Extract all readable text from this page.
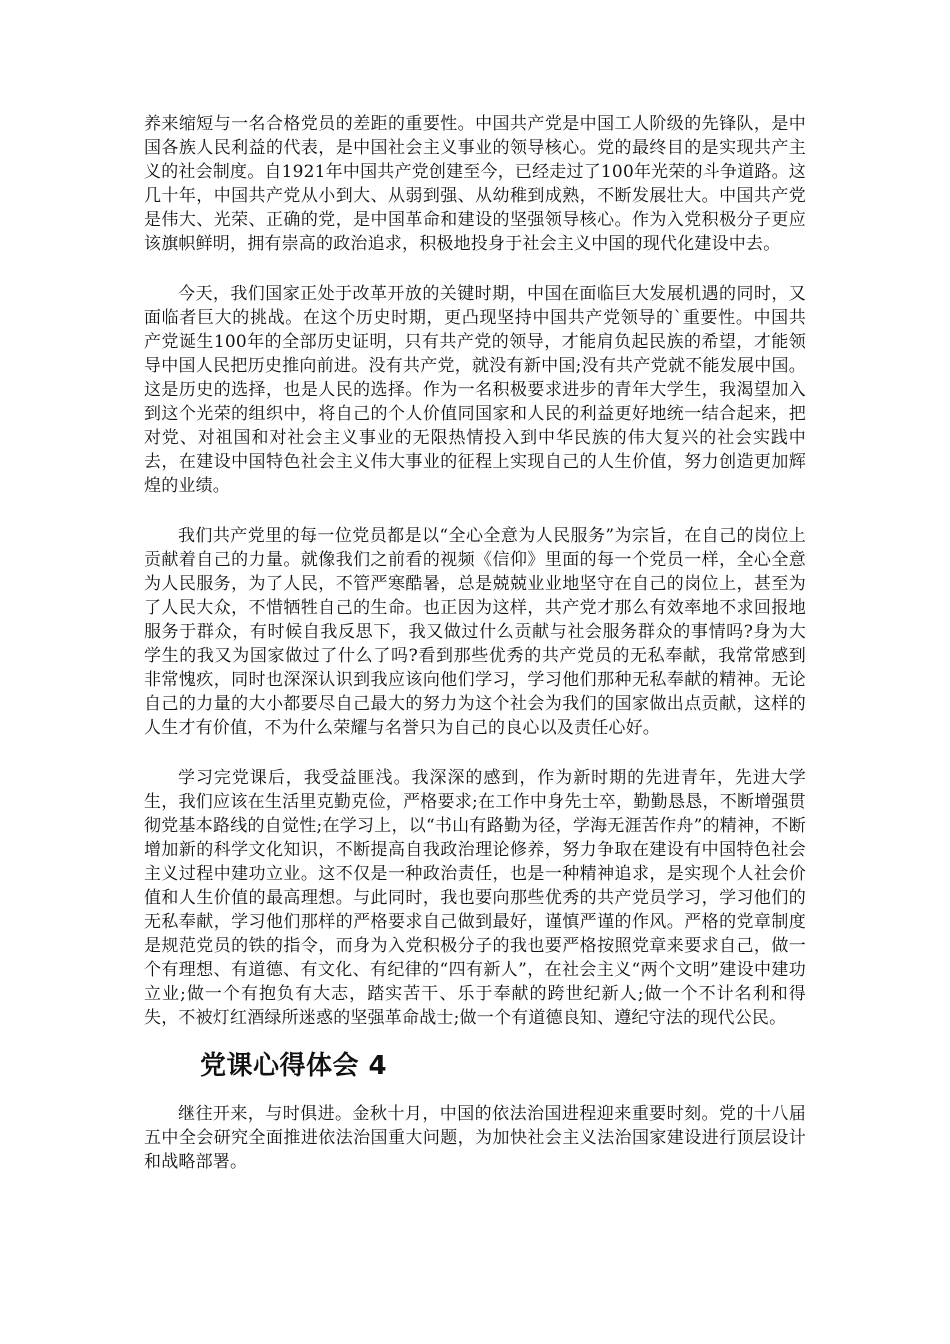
养来缩短与一名合格党员的差距的重要性。中国共产党是中国工人阶级的先锋队，是中国各族人民利益的代表，是中国社会主义事业的领导核心。党的最终目的是实现共产主义的社会制度。自1921年中国共产党创建至今，已经走过了100年光荣的斗争道路。这几十年，中国共产党从小到大、从弱到强、从幼稚到成熟，不断发展壮大。中国共产党是伟大、光荣、正确的党，是中国革命和建设的坚强领导核心。作为入党积极分子更应该旗帜鲜明，拥有崇高的政治追求，积极地投身于社会主义中国的现代化建设中去。

今天，我们国家正处于改革开放的关键时期，中国在面临巨大发展机遇的同时，又面临者巨大的挑战。在这个历史时期，更凸现坚持中国共产党领导的`重要性。中国共产党诞生100年的全部历史证明，只有共产党的领导，才能肩负起民族的希望，才能领导中国人民把历史推向前进。没有共产党，就没有新中国;没有共产党就不能发展中国。这是历史的选择，也是人民的选择。作为一名积极要求进步的青年大学生，我渴望加入到这个光荣的组织中，将自己的个人价值同国家和人民的利益更好地统一结合起来，把对党、对祖国和对社会主义事业的无限热情投入到中华民族的伟大复兴的社会实践中去，在建设中国特色社会主义伟大事业的征程上实现自己的人生价值，努力创造更加辉煌的业绩。

我们共产党里的每一位党员都是以“全心全意为人民服务”为宗旨，在自己的岗位上贡献着自己的力量。就像我们之前看的视频《信仰》里面的每一个党员一样，全心全意为人民服务，为了人民，不管严寒酷暑，总是兢兢业业地坚守在自己的岗位上，甚至为了人民大众，不惜牺牲自己的生命。也正因为这样，共产党才那么有效率地不求回报地服务于群众，有时候自我反思下，我又做过什么贡献与社会服务群众的事情吗?身为大学生的我又为国家做过了什么了吗?看到那些优秀的共产党员的无私奉献，我常常感到非常愧疚，同时也深深认识到我应该向他们学习，学习他们那种无私奉献的精神。无论自己的力量的大小都要尽自己最大的努力为这个社会为我们的国家做出点贡献，这样的人生才有价值，不为什么荣耀与名誉只为自己的良心以及责任心好。

学习完党课后，我受益匪浅。我深深的感到，作为新时期的先进青年，先进大学生，我们应该在生活里克勤克俭，严格要求;在工作中身先士卒，勤勤恳恳，不断增强贯彻党基本路线的自觉性;在学习上，以“书山有路勤为径，学海无涯苦作舟”的精神，不断增加新的科学文化知识，不断提高自我政治理论修养，努力争取在建设有中国特色社会主义过程中建功立业。这不仅是一种政治责任，也是一种精神追求，是实现个人社会价值和人生价值的最高理想。与此同时，我也要向那些优秀的共产党员学习，学习他们的无私奉献，学习他们那样的严格要求自己做到最好，谨慎严谨的作风。严格的党章制度是规范党员的铁的指令，而身为入党积极分子的我也要严格按照党章来要求自己，做一个有理想、有道德、有文化、有纪律的“四有新人”，在社会主义“两个文明”建设中建功立业;做一个有抱负有大志，踏实苦干、乐于奉献的跨世纪新人;做一个不计名利和得失，不被灯红酒绿所迷惑的坚强革命战士;做一个有道德良知、遵纪守法的现代公民。

党课心得体会 4

继往开来，与时俱进。金秋十月，中国的依法治国进程迎来重要时刻。党的十八届五中全会研究全面推进依法治国重大问题，为加快社会主义法治国家建设进行顶层设计和战略部署。
